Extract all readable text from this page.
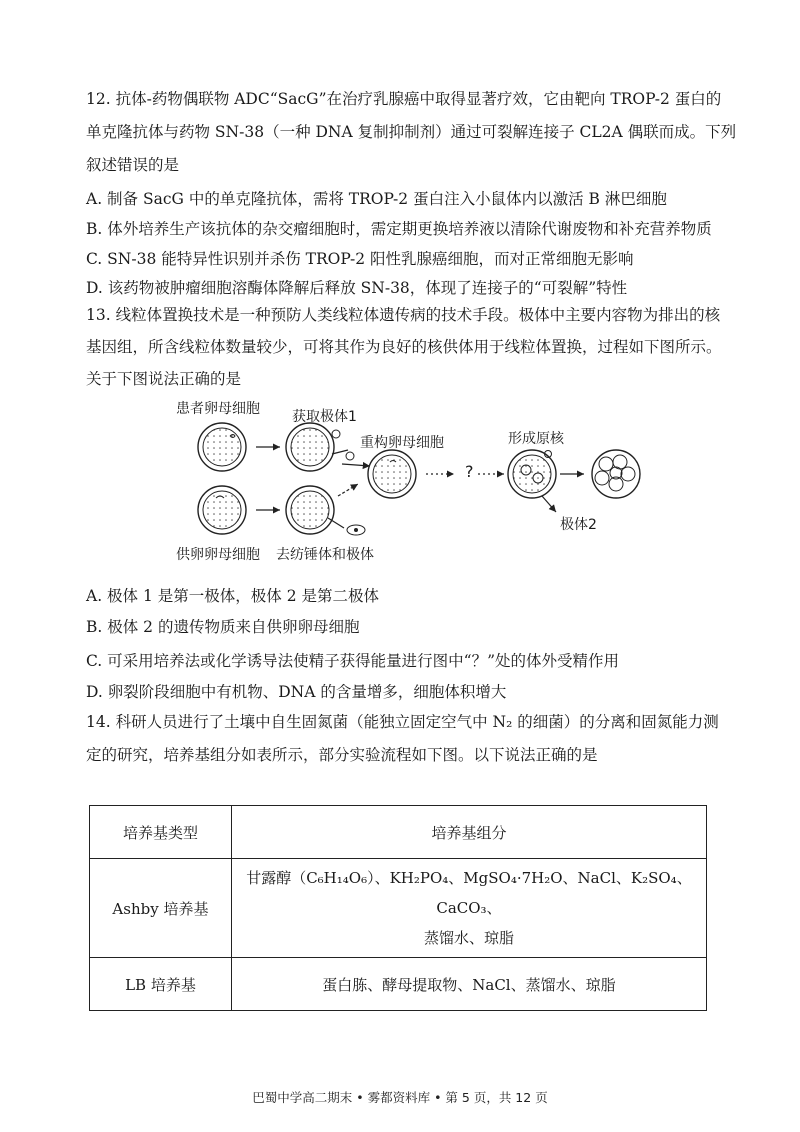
12. 抗体-药物偶联物 ADC“SacG”在治疗乳腺癌中取得显著疗效，它由靶向 TROP-2 蛋白的
单克隆抗体与药物 SN-38（一种 DNA 复制抑制剂）通过可裂解连接子 CL2A 偶联而成。下列
叙述错误的是
A. 制备 SacG 中的单克隆抗体，需将 TROP-2 蛋白注入小鼠体内以激活 B 淋巴细胞
B. 体外培养生产该抗体的杂交瘤细胞时，需定期更换培养液以清除代谢废物和补充营养物质
C. SN-38 能特异性识别并杀伤 TROP-2 阳性乳腺癌细胞，而对正常细胞无影响
D. 该药物被肿瘤细胞溶酶体降解后释放 SN-38，体现了连接子的“可裂解”特性
13. 线粒体置换技术是一种预防人类线粒体遗传病的技术手段。极体中主要内容物为排出的核
基因组，所含线粒体数量较少，可将其作为良好的核供体用于线粒体置换，过程如下图所示。
关于下图说法正确的是
患者卵母细胞 获取极体1
重构卵母细胞	形成原核
?
极体2
供卵卵母细胞 去纺锤体和极体
A. 极体 1 是第一极体，极体 2 是第二极体
B. 极体 2 的遗传物质来自供卵卵母细胞
C. 可采用培养法或化学诱导法使精子获得能量进行图中“？”处的体外受精作用
D. 卵裂阶段细胞中有机物、DNA 的含量增多，细胞体积增大
14. 科研人员进行了土壤中自生固氮菌（能独立固定空气中 N₂ 的细菌）的分离和固氮能力测
定的研究，培养基组分如表所示，部分实验流程如下图。以下说法正确的是
培养基类型	培养基组分
Ashby 培养基	甘露醇（C₆H₁₄O₆）、KH₂PO₄、MgSO₄·7H₂O、NaCl、K₂SO₄、CaCO₃、
蒸馏水、琼脂

LB 培养基	蛋白胨、酵母提取物、NaCl、蒸馏水、琼脂
巴蜀中学高二期末 • 雾都资料库 • 第 5 页，共 12 页
